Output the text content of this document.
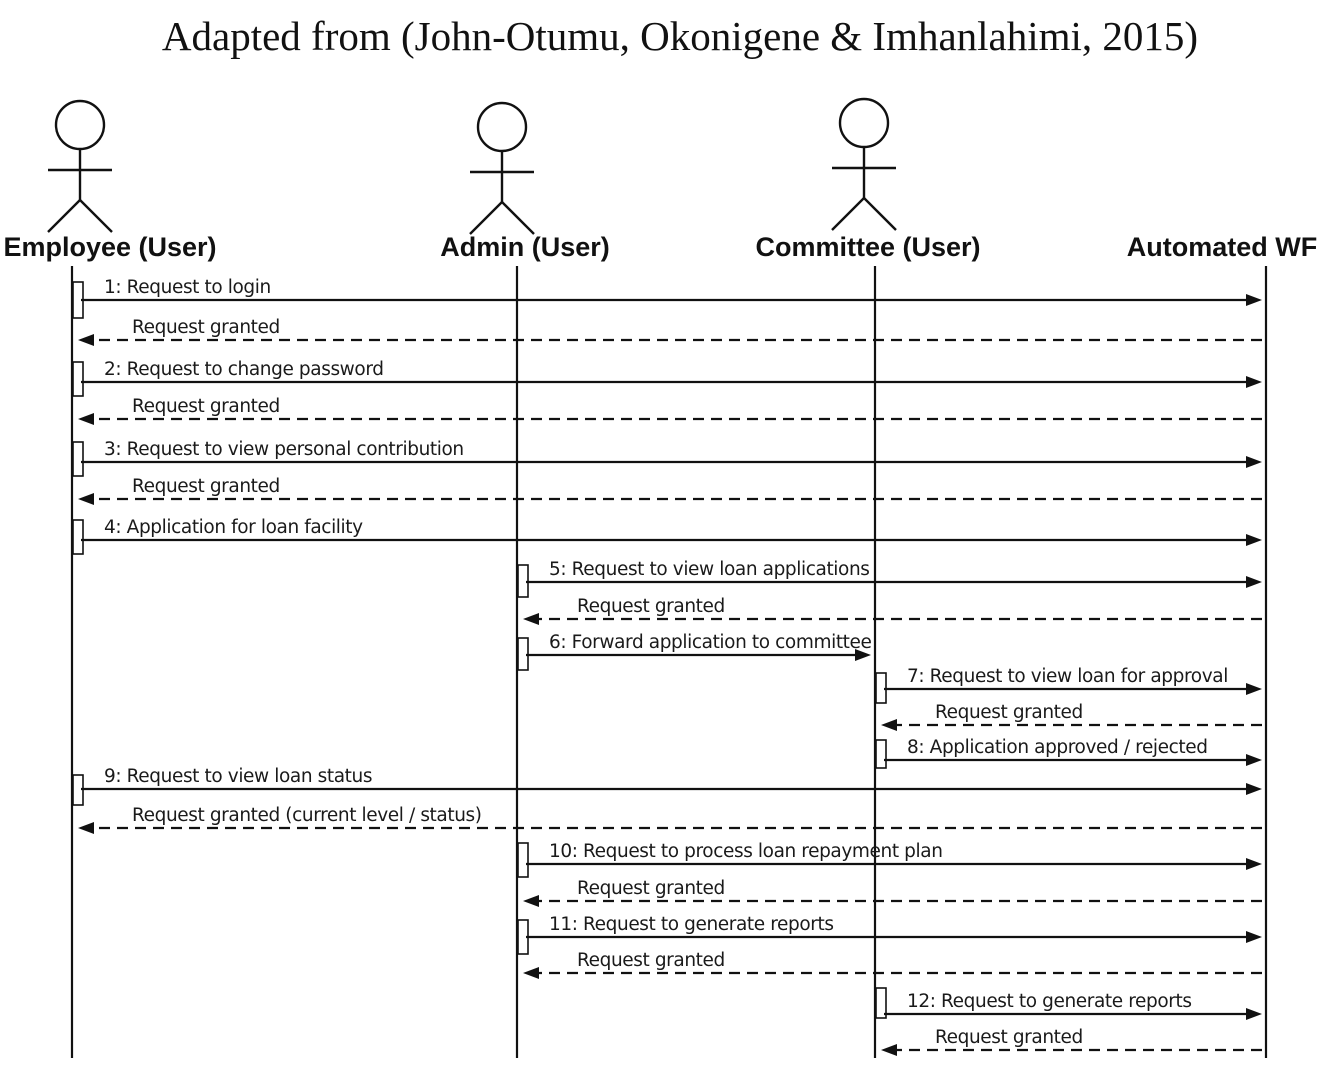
Adapted from (John-Otumu, Okonigene & Imhanlahimi, 2015)
Employee (User)	Admin (User)	Committee (User)	Automated WF
1: Request to login
Request granted
2: Request to change password
Request granted
3: Request to view personal contribution
Request granted
4: Application for loan facility
5: Request to view loan applications
Request granted
6: Forward application to committee
7: Request to view loan for approval
Request granted
8: Application approved / rejected
9: Request to view loan status
Request granted (current level / status)
10: Request to process loan repayment plan
Request granted
11: Request to generate reports
Request granted
12: Request to generate reports
Request granted
